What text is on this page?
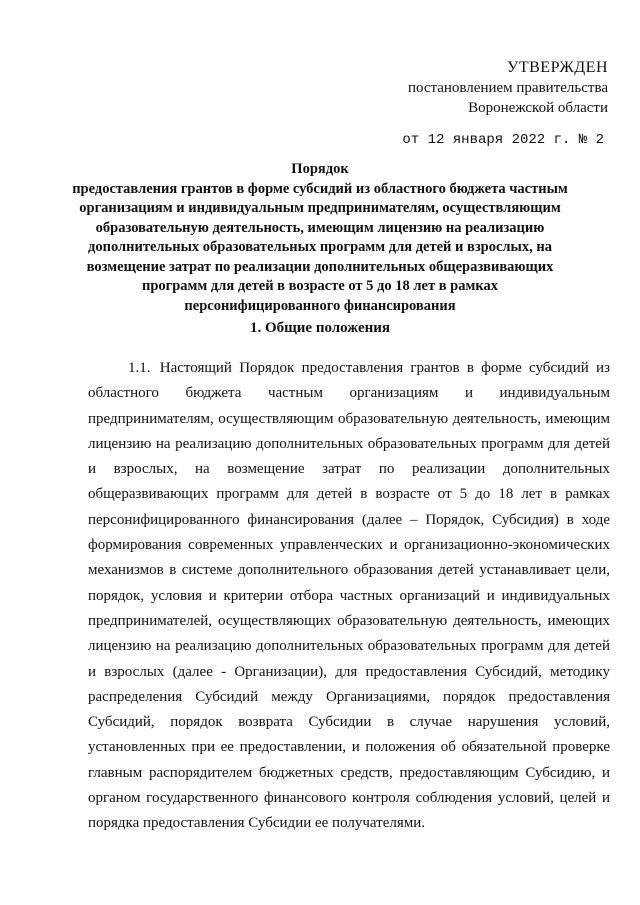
УТВЕРЖДЕН
постановлением правительства
Воронежской области
от 12 января 2022 г. № 2
Порядок
предоставления грантов в форме субсидий из областного бюджета частным
организациям и индивидуальным предпринимателям, осуществляющим
образовательную деятельность, имеющим лицензию на реализацию
дополнительных образовательных программ для детей и взрослых, на
возмещение затрат по реализации дополнительных общеразвивающих
программ для детей в возрасте от 5 до 18 лет в рамках
персонифицированного финансирования
1. Общие положения

1.1. Настоящий Порядок предоставления грантов в форме субсидий из областного бюджета частным организациям и индивидуальным предпринимателям, осуществляющим образовательную деятельность, имеющим лицензию на реализацию дополнительных образовательных программ для детей и взрослых, на возмещение затрат по реализации дополнительных общеразвивающих программ для детей в возрасте от 5 до 18 лет в рамках персонифицированного финансирования (далее – Порядок, Субсидия) в ходе формирования современных управленческих и организационно-экономических механизмов в системе дополнительного образования детей устанавливает цели, порядок, условия и критерии отбора частных организаций и индивидуальных предпринимателей, осуществляющих образовательную деятельность, имеющих лицензию на реализацию дополнительных образовательных программ для детей и взрослых (далее - Организации), для предоставления Субсидий, методику распределения Субсидий между Организациями, порядок предоставления Субсидий, порядок возврата Субсидии в случае нарушения условий, установленных при ее предоставлении, и положения об обязательной проверке главным распорядителем бюджетных средств, предоставляющим Субсидию, и органом государственного финансового контроля соблюдения условий, целей и порядка предоставления Субсидии ее получателями.
